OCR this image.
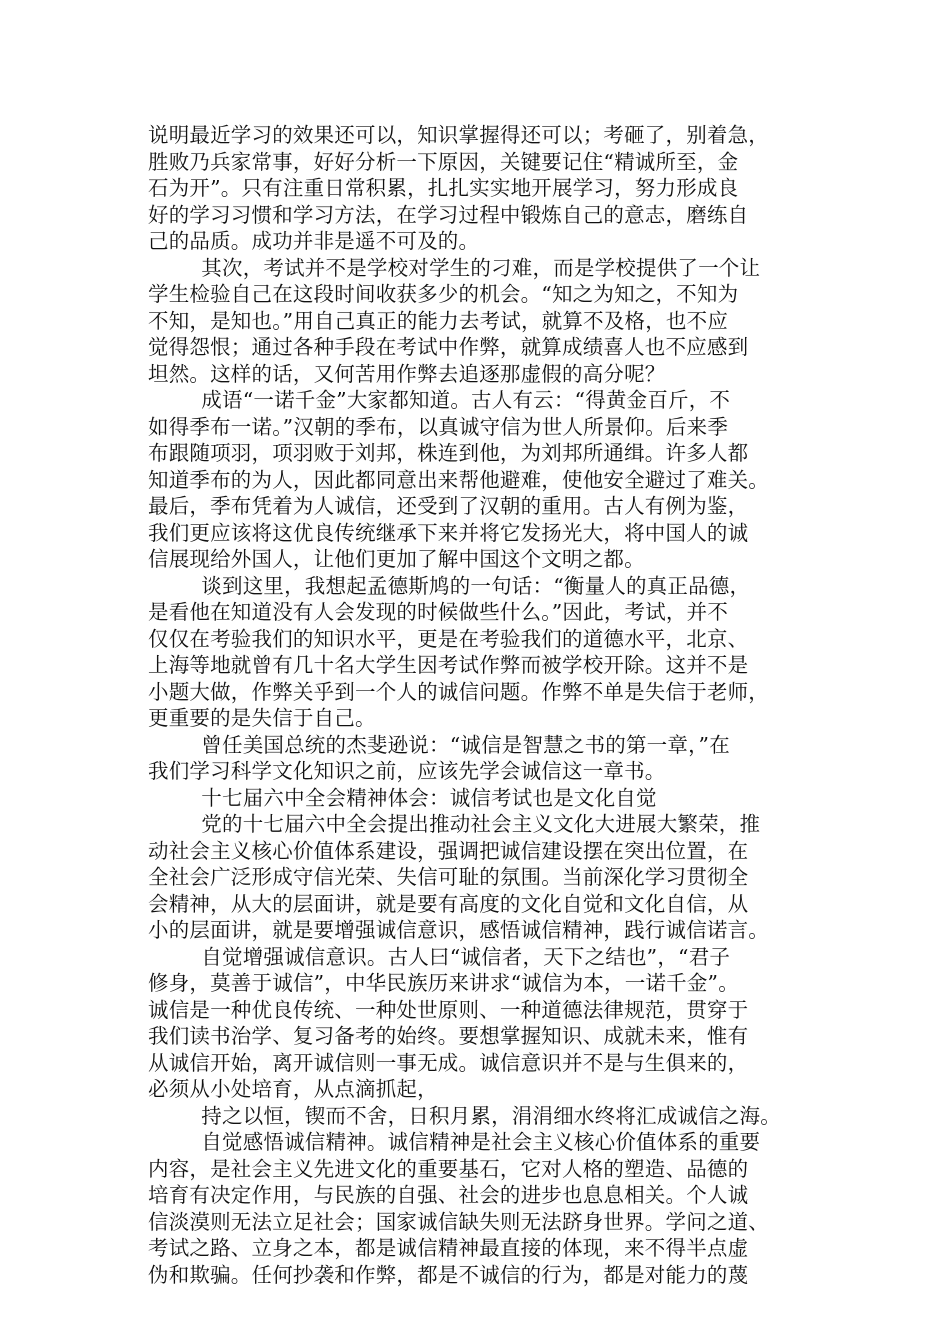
说明最近学习的效果还可以，知识掌握得还可以；考砸了，别着急，
胜败乃兵家常事，好好分析一下原因，关键要记住“精诚所至，金
石为开”。只有注重日常积累，扎扎实实地开展学习，努力形成良
好的学习习惯和学习方法，在学习过程中锻炼自己的意志，磨练自
己的品质。成功并非是遥不可及的。

其次，考试并不是学校对学生的刁难，而是学校提供了一个让
学生检验自己在这段时间收获多少的机会。“知之为知之，不知为
不知，是知也。”用自己真正的能力去考试，就算不及格，也不应
觉得怨恨；通过各种手段在考试中作弊，就算成绩喜人也不应感到
坦然。这样的话，又何苦用作弊去追逐那虚假的高分呢？

成语“一诺千金”大家都知道。古人有云：“得黄金百斤，不
如得季布一诺。”汉朝的季布，以真诚守信为世人所景仰。后来季
布跟随项羽，项羽败于刘邦，株连到他，为刘邦所通缉。许多人都
知道季布的为人，因此都同意出来帮他避难，使他安全避过了难关。
最后，季布凭着为人诚信，还受到了汉朝的重用。古人有例为鉴，
我们更应该将这优良传统继承下来并将它发扬光大，将中国人的诚
信展现给外国人，让他们更加了解中国这个文明之都。

谈到这里，我想起孟德斯鸠的一句话：“衡量人的真正品德，
是看他在知道没有人会发现的时候做些什么。”因此，考试，并不
仅仅在考验我们的知识水平，更是在考验我们的道德水平，北京、
上海等地就曾有几十名大学生因考试作弊而被学校开除。这并不是
小题大做，作弊关乎到一个人的诚信问题。作弊不单是失信于老师，
更重要的是失信于自己。

曾任美国总统的杰斐逊说：“诚信是智慧之书的第一章，”在
我们学习科学文化知识之前，应该先学会诚信这一章书。

十七届六中全会精神体会：诚信考试也是文化自觉

党的十七届六中全会提出推动社会主义文化大进展大繁荣，推
动社会主义核心价值体系建设，强调把诚信建设摆在突出位置，在
全社会广泛形成守信光荣、失信可耻的氛围。当前深化学习贯彻全
会精神，从大的层面讲，就是要有高度的文化自觉和文化自信，从
小的层面讲，就是要增强诚信意识，感悟诚信精神，践行诚信诺言。

自觉增强诚信意识。古人曰“诚信者，天下之结也”，“君子
修身，莫善于诚信”，中华民族历来讲求“诚信为本，一诺千金”。
诚信是一种优良传统、一种处世原则、一种道德法律规范，贯穿于
我们读书治学、复习备考的始终。要想掌握知识、成就未来，惟有
从诚信开始，离开诚信则一事无成。诚信意识并不是与生俱来的，
必须从小处培育，从点滴抓起，

持之以恒，锲而不舍，日积月累，涓涓细水终将汇成诚信之海。

自觉感悟诚信精神。诚信精神是社会主义核心价值体系的重要
内容，是社会主义先进文化的重要基石，它对人格的塑造、品德的
培育有决定作用，与民族的自强、社会的进步也息息相关。个人诚
信淡漠则无法立足社会；国家诚信缺失则无法跻身世界。学问之道、
考试之路、立身之本，都是诚信精神最直接的体现，来不得半点虚
伪和欺骗。任何抄袭和作弊，都是不诚信的行为，都是对能力的蔑
